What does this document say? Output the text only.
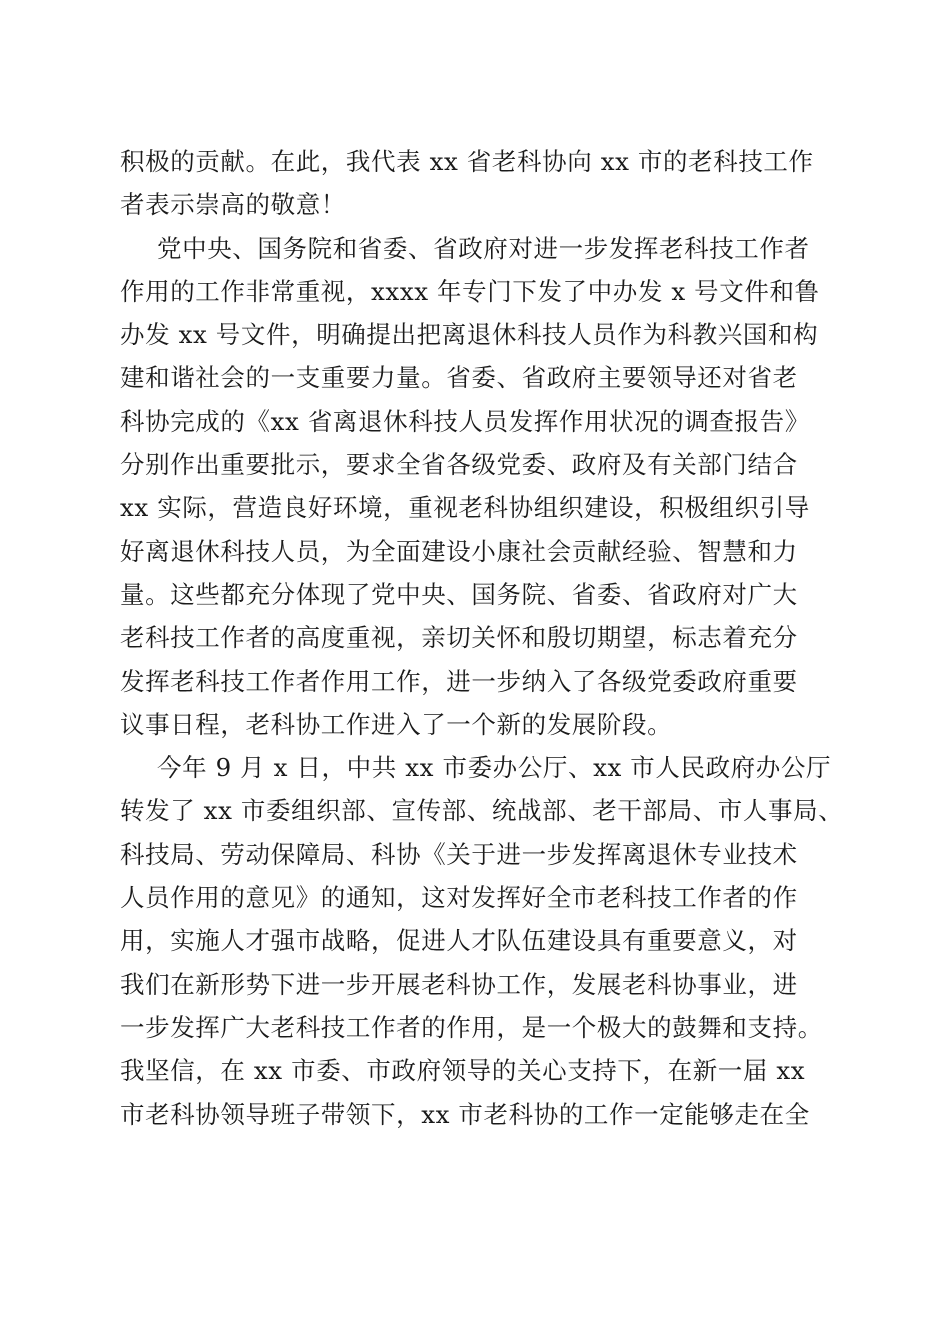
积极的贡献。在此，我代表 xx 省老科协向 xx 市的老科技工作
者表示崇高的敬意！
党中央、国务院和省委、省政府对进一步发挥老科技工作者
作用的工作非常重视，xxxx 年专门下发了中办发 x 号文件和鲁
办发 xx 号文件，明确提出把离退休科技人员作为科教兴国和构
建和谐社会的一支重要力量。省委、省政府主要领导还对省老
科协完成的《xx 省离退休科技人员发挥作用状况的调查报告》
分别作出重要批示，要求全省各级党委、政府及有关部门结合
xx 实际，营造良好环境，重视老科协组织建设，积极组织引导
好离退休科技人员，为全面建设小康社会贡献经验、智慧和力
量。这些都充分体现了党中央、国务院、省委、省政府对广大
老科技工作者的高度重视，亲切关怀和殷切期望，标志着充分
发挥老科技工作者作用工作，进一步纳入了各级党委政府重要
议事日程，老科协工作进入了一个新的发展阶段。
今年 9 月 x 日，中共 xx 市委办公厅、xx 市人民政府办公厅
转发了 xx 市委组织部、宣传部、统战部、老干部局、市人事局、
科技局、劳动保障局、科协《关于进一步发挥离退休专业技术
人员作用的意见》的通知，这对发挥好全市老科技工作者的作
用，实施人才强市战略，促进人才队伍建设具有重要意义，对
我们在新形势下进一步开展老科协工作，发展老科协事业，进
一步发挥广大老科技工作者的作用，是一个极大的鼓舞和支持。
我坚信，在 xx 市委、市政府领导的关心支持下，在新一届 xx
市老科协领导班子带领下，xx 市老科协的工作一定能够走在全
